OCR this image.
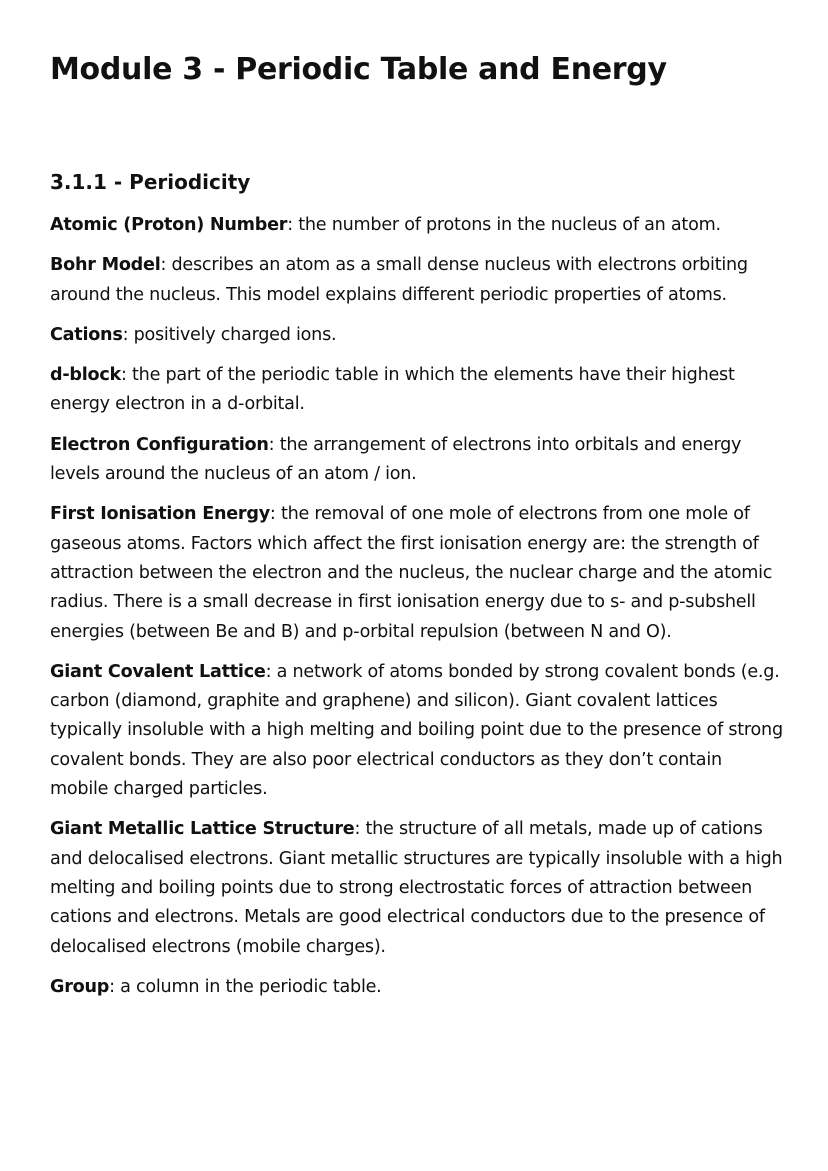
Module 3 - Periodic Table and Energy
3.1.1 - Periodicity

Atomic (Proton) Number: the number of protons in the nucleus of an atom.

Bohr Model: describes an atom as a small dense nucleus with electrons orbiting around the nucleus. This model explains different periodic properties of atoms.

Cations: positively charged ions.

d-block: the part of the periodic table in which the elements have their highest energy electron in a d-orbital.

Electron Configuration: the arrangement of electrons into orbitals and energy levels around the nucleus of an atom / ion.

First Ionisation Energy: the removal of one mole of electrons from one mole of gaseous atoms. Factors which affect the first ionisation energy are: the strength of attraction between the electron and the nucleus, the nuclear charge and the atomic radius. There is a small decrease in first ionisation energy due to s- and p-subshell energies (between Be and B) and p-orbital repulsion (between N and O).

Giant Covalent Lattice: a network of atoms bonded by strong covalent bonds (e.g. carbon (diamond, graphite and graphene) and silicon). Giant covalent lattices typically insoluble with a high melting and boiling point due to the presence of strong covalent bonds. They are also poor electrical conductors as they don’t contain mobile charged particles.

Giant Metallic Lattice Structure: the structure of all metals, made up of cations and delocalised electrons. Giant metallic structures are typically insoluble with a high melting and boiling points due to strong electrostatic forces of attraction between cations and electrons. Metals are good electrical conductors due to the presence of delocalised electrons (mobile charges).

Group: a column in the periodic table.
